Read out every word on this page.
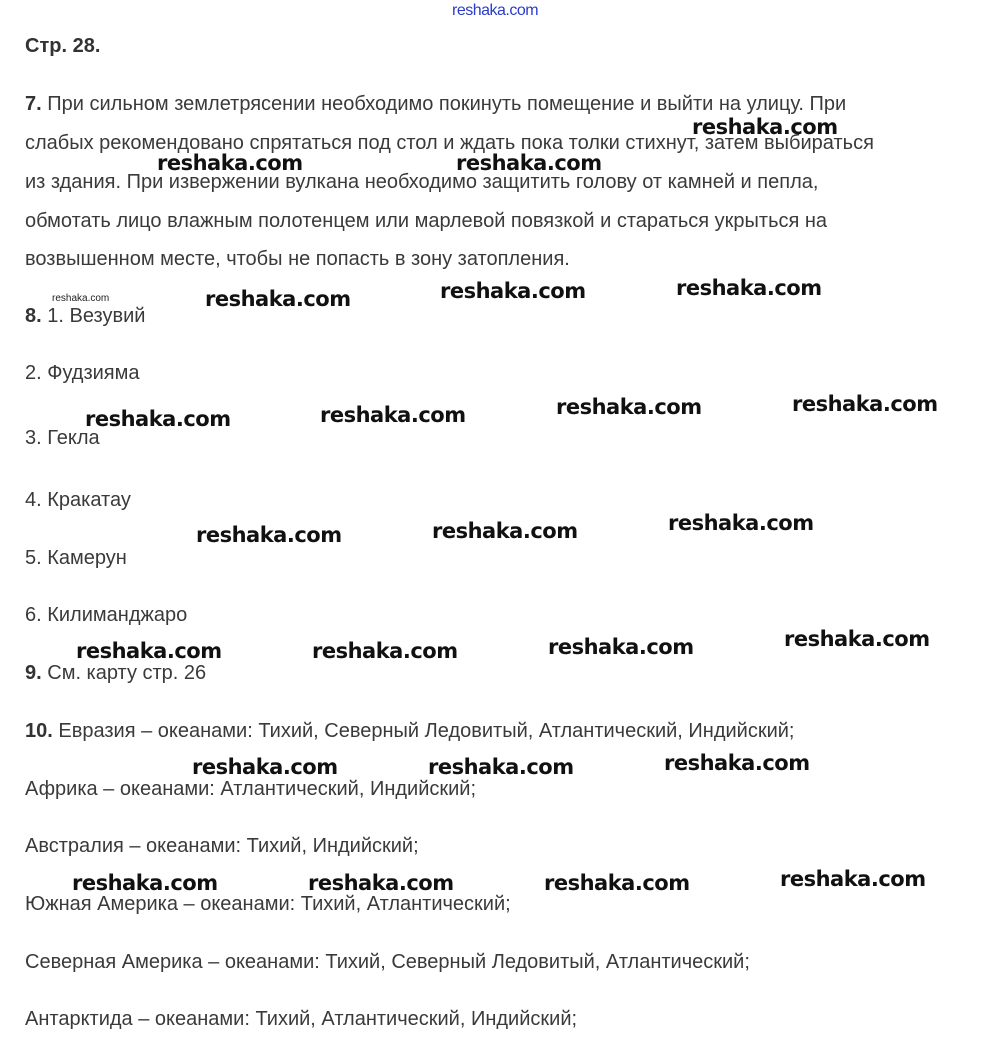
reshaka.com
Стр. 28.
7. При сильном землетрясении необходимо покинуть помещение и выйти на улицу. При
слабых рекомендовано спрятаться под стол и ждать пока толки стихнут, затем выбираться
из здания. При извержении вулкана необходимо защитить голову от камней и пепла,
обмотать лицо влажным полотенцем или марлевой повязкой и стараться укрыться на
возвышенном месте, чтобы не попасть в зону затопления.
8. 1. Везувий
2. Фудзияма
3. Гекла
4. Кракатау
5. Камерун
6. Килиманджаро
9. См. карту стр. 26
10. Евразия – океанами: Тихий, Северный Ледовитый, Атлантический, Индийский;
Африка – океанами: Атлантический, Индийский;
Австралия – океанами: Тихий, Индийский;
Южная Америка – океанами: Тихий, Атлантический;
Северная Америка – океанами: Тихий, Северный Ледовитый, Атлантический;
Антарктида – океанами: Тихий, Атлантический, Индийский;
reshaka.com
reshaka.com
reshaka.com	reshaka.com
reshaka.com	reshaka.com	reshaka.com
reshaka.com	reshaka.com	reshaka.com	reshaka.com
reshaka.com	reshaka.com	reshaka.com
reshaka.com	reshaka.com	reshaka.com	reshaka.com
reshaka.com	reshaka.com	reshaka.com
reshaka.com	reshaka.com	reshaka.com	reshaka.com
